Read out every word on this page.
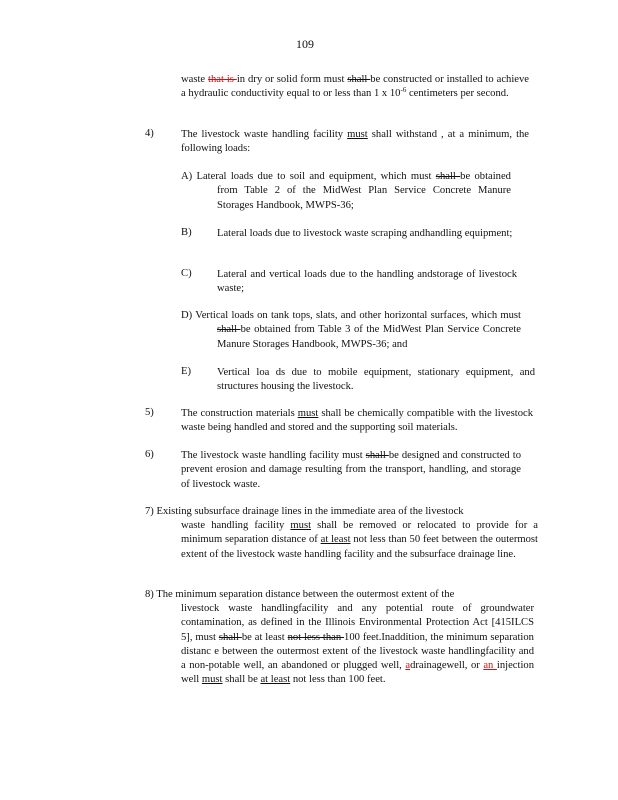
109

waste that is in dry or solid form must shall be constructed or installed to achieve a hydraulic conductivity equal to or less than 1 x $10^{-6}$ centimeters per second.

4)	The livestock waste handling facility must shall withstand , at a minimum, the following loads:

A) Lateral loads due to soil and equipment, which must shall be obtained from Table 2 of the MidWest Plan Service Concrete Manure Storages Handbook, MWPS-36;

B) Lateral loads due to livestock waste scraping andhandling equipment;

C) Lateral and vertical loads due to the handling andstorage of livestock waste;

D) Vertical loads on tank tops, slats, and other horizontal surfaces, which must shall be obtained from Table 3 of the MidWest Plan Service Concrete Manure Storages Handbook, MWPS-36; and

E) Vertical loa ds due to mobile equipment, stationary equipment, and structures housing the livestock.

5)	The construction materials must shall be chemically compatible with the livestock waste being handled and stored and the supporting soil materials.

6)	The livestock waste handling facility must shall be designed and constructed to prevent erosion and damage resulting from the transport, handling, and storage of livestock waste.

7) Existing subsurface drainage lines in the immediate area of the livestock

waste handling facility must shall be removed or relocated to provide for a minimum separation distance of at least not less than 50 feet between the outermost extent of the livestock waste handling facility and the subsurface drainage line.

8) The minimum separation distance between the outermost extent of the

livestock waste handlingfacility and any potential route of groundwater contamination, as defined in the Illinois Environmental Protection Act [415ILCS 5], must shall be at least not less than 100 feet.Inaddition, the minimum separation distanc e between the outermost extent of the livestock waste handlingfacility and a non-potable well, an abandoned or plugged well, adrainagewell, or an injection well must shall be at least not less than 100 feet.
